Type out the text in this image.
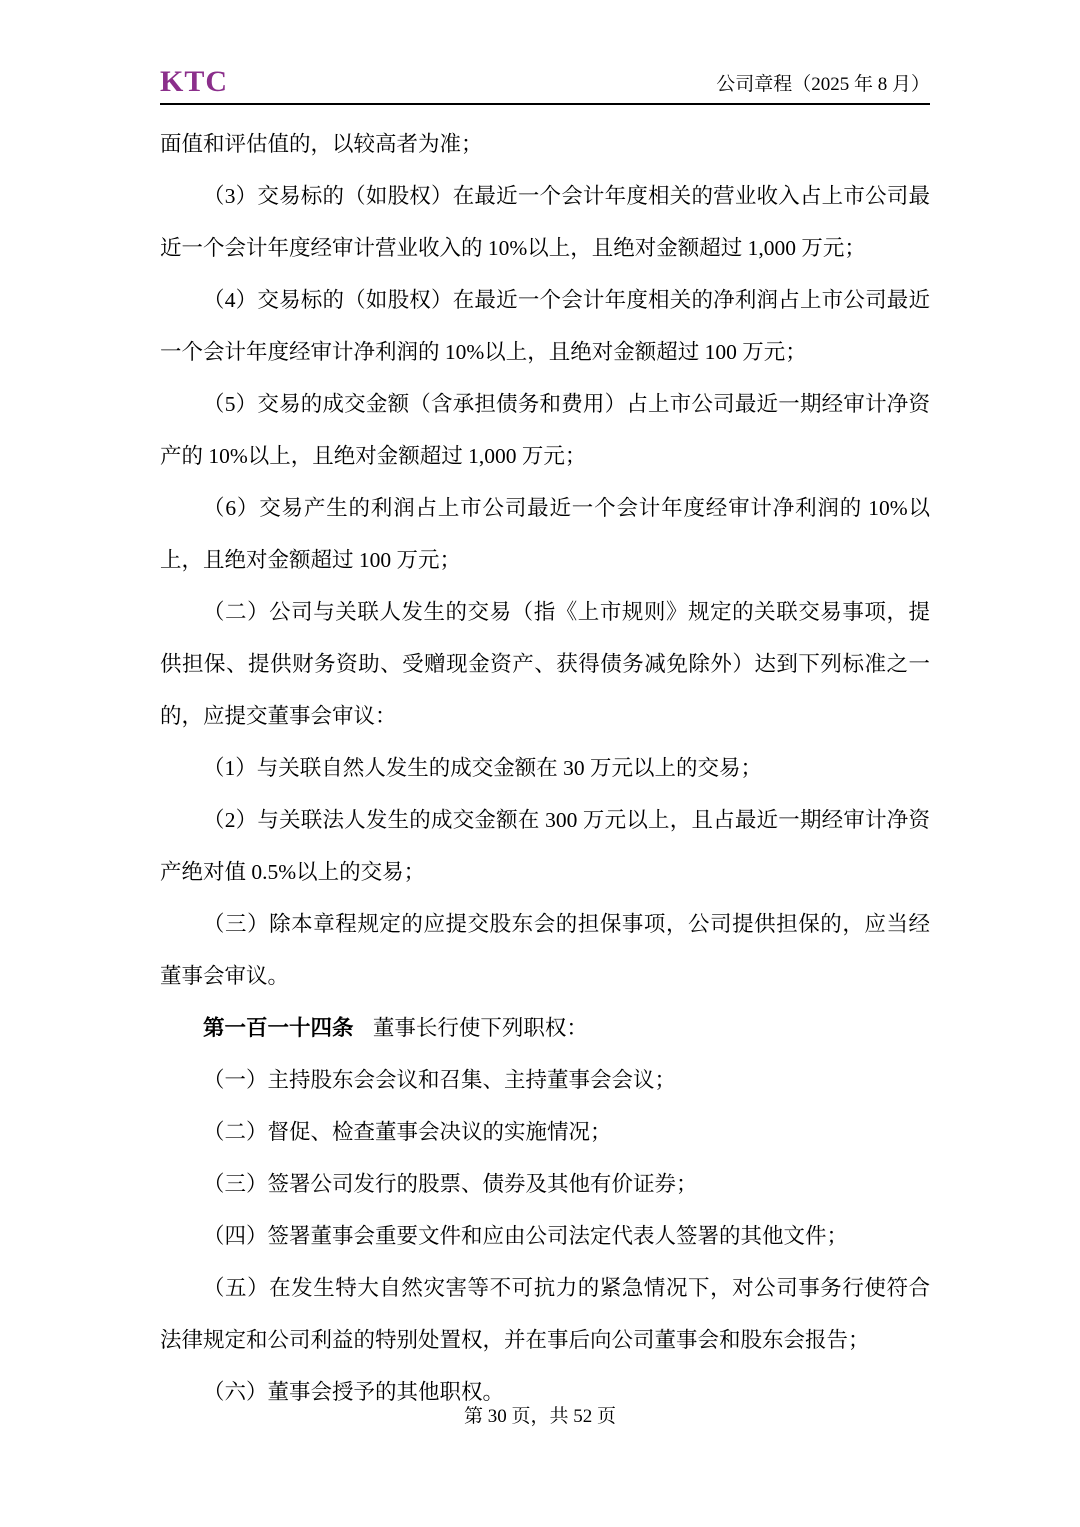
KTC	公司章程（2025 年 8 月）

面值和评估值的，以较高者为准；

（3）交易标的（如股权）在最近一个会计年度相关的营业收入占上市公司最近一个会计年度经审计营业收入的 10%以上，且绝对金额超过 1,000 万元；

（4）交易标的（如股权）在最近一个会计年度相关的净利润占上市公司最近一个会计年度经审计净利润的 10%以上，且绝对金额超过 100 万元；

（5）交易的成交金额（含承担债务和费用）占上市公司最近一期经审计净资产的 10%以上，且绝对金额超过 1,000 万元；

（6）交易产生的利润占上市公司最近一个会计年度经审计净利润的 10%以上，且绝对金额超过 100 万元；

（二）公司与关联人发生的交易（指《上市规则》规定的关联交易事项，提供担保、提供财务资助、受赠现金资产、获得债务减免除外）达到下列标准之一的，应提交董事会审议：

（1）与关联自然人发生的成交金额在 30 万元以上的交易；

（2）与关联法人发生的成交金额在 300 万元以上，且占最近一期经审计净资产绝对值 0.5%以上的交易；

（三）除本章程规定的应提交股东会的担保事项，公司提供担保的，应当经董事会审议。

第一百一十四条 董事长行使下列职权：

（一）主持股东会会议和召集、主持董事会会议；

（二）督促、检查董事会决议的实施情况；

（三）签署公司发行的股票、债券及其他有价证券；

（四）签署董事会重要文件和应由公司法定代表人签署的其他文件；

（五）在发生特大自然灾害等不可抗力的紧急情况下，对公司事务行使符合法律规定和公司利益的特别处置权，并在事后向公司董事会和股东会报告；

（六）董事会授予的其他职权。

第 30 页，共 52 页
